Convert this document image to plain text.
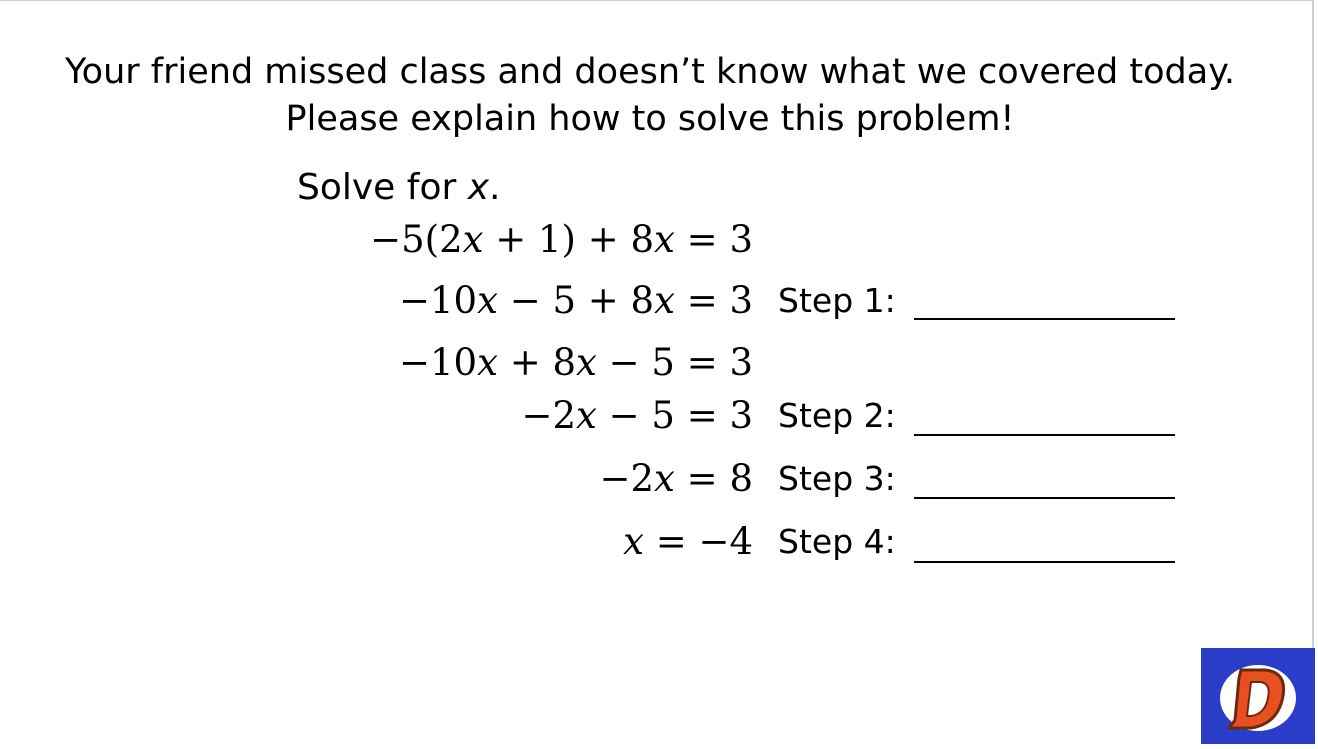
Your friend missed class and doesn’t know what we covered today.
Please explain how to solve this problem!
Solve for x.
−5(2𝑥 + 1) + 8𝑥 = 3
−10𝑥 − 5 + 8𝑥 = 3
−10𝑥 + 8𝑥 − 5 = 3
−2𝑥 − 5 = 3
−2𝑥 = 8
𝑥 = −4
Step 1:
Step 2:
Step 3:
Step 4:
